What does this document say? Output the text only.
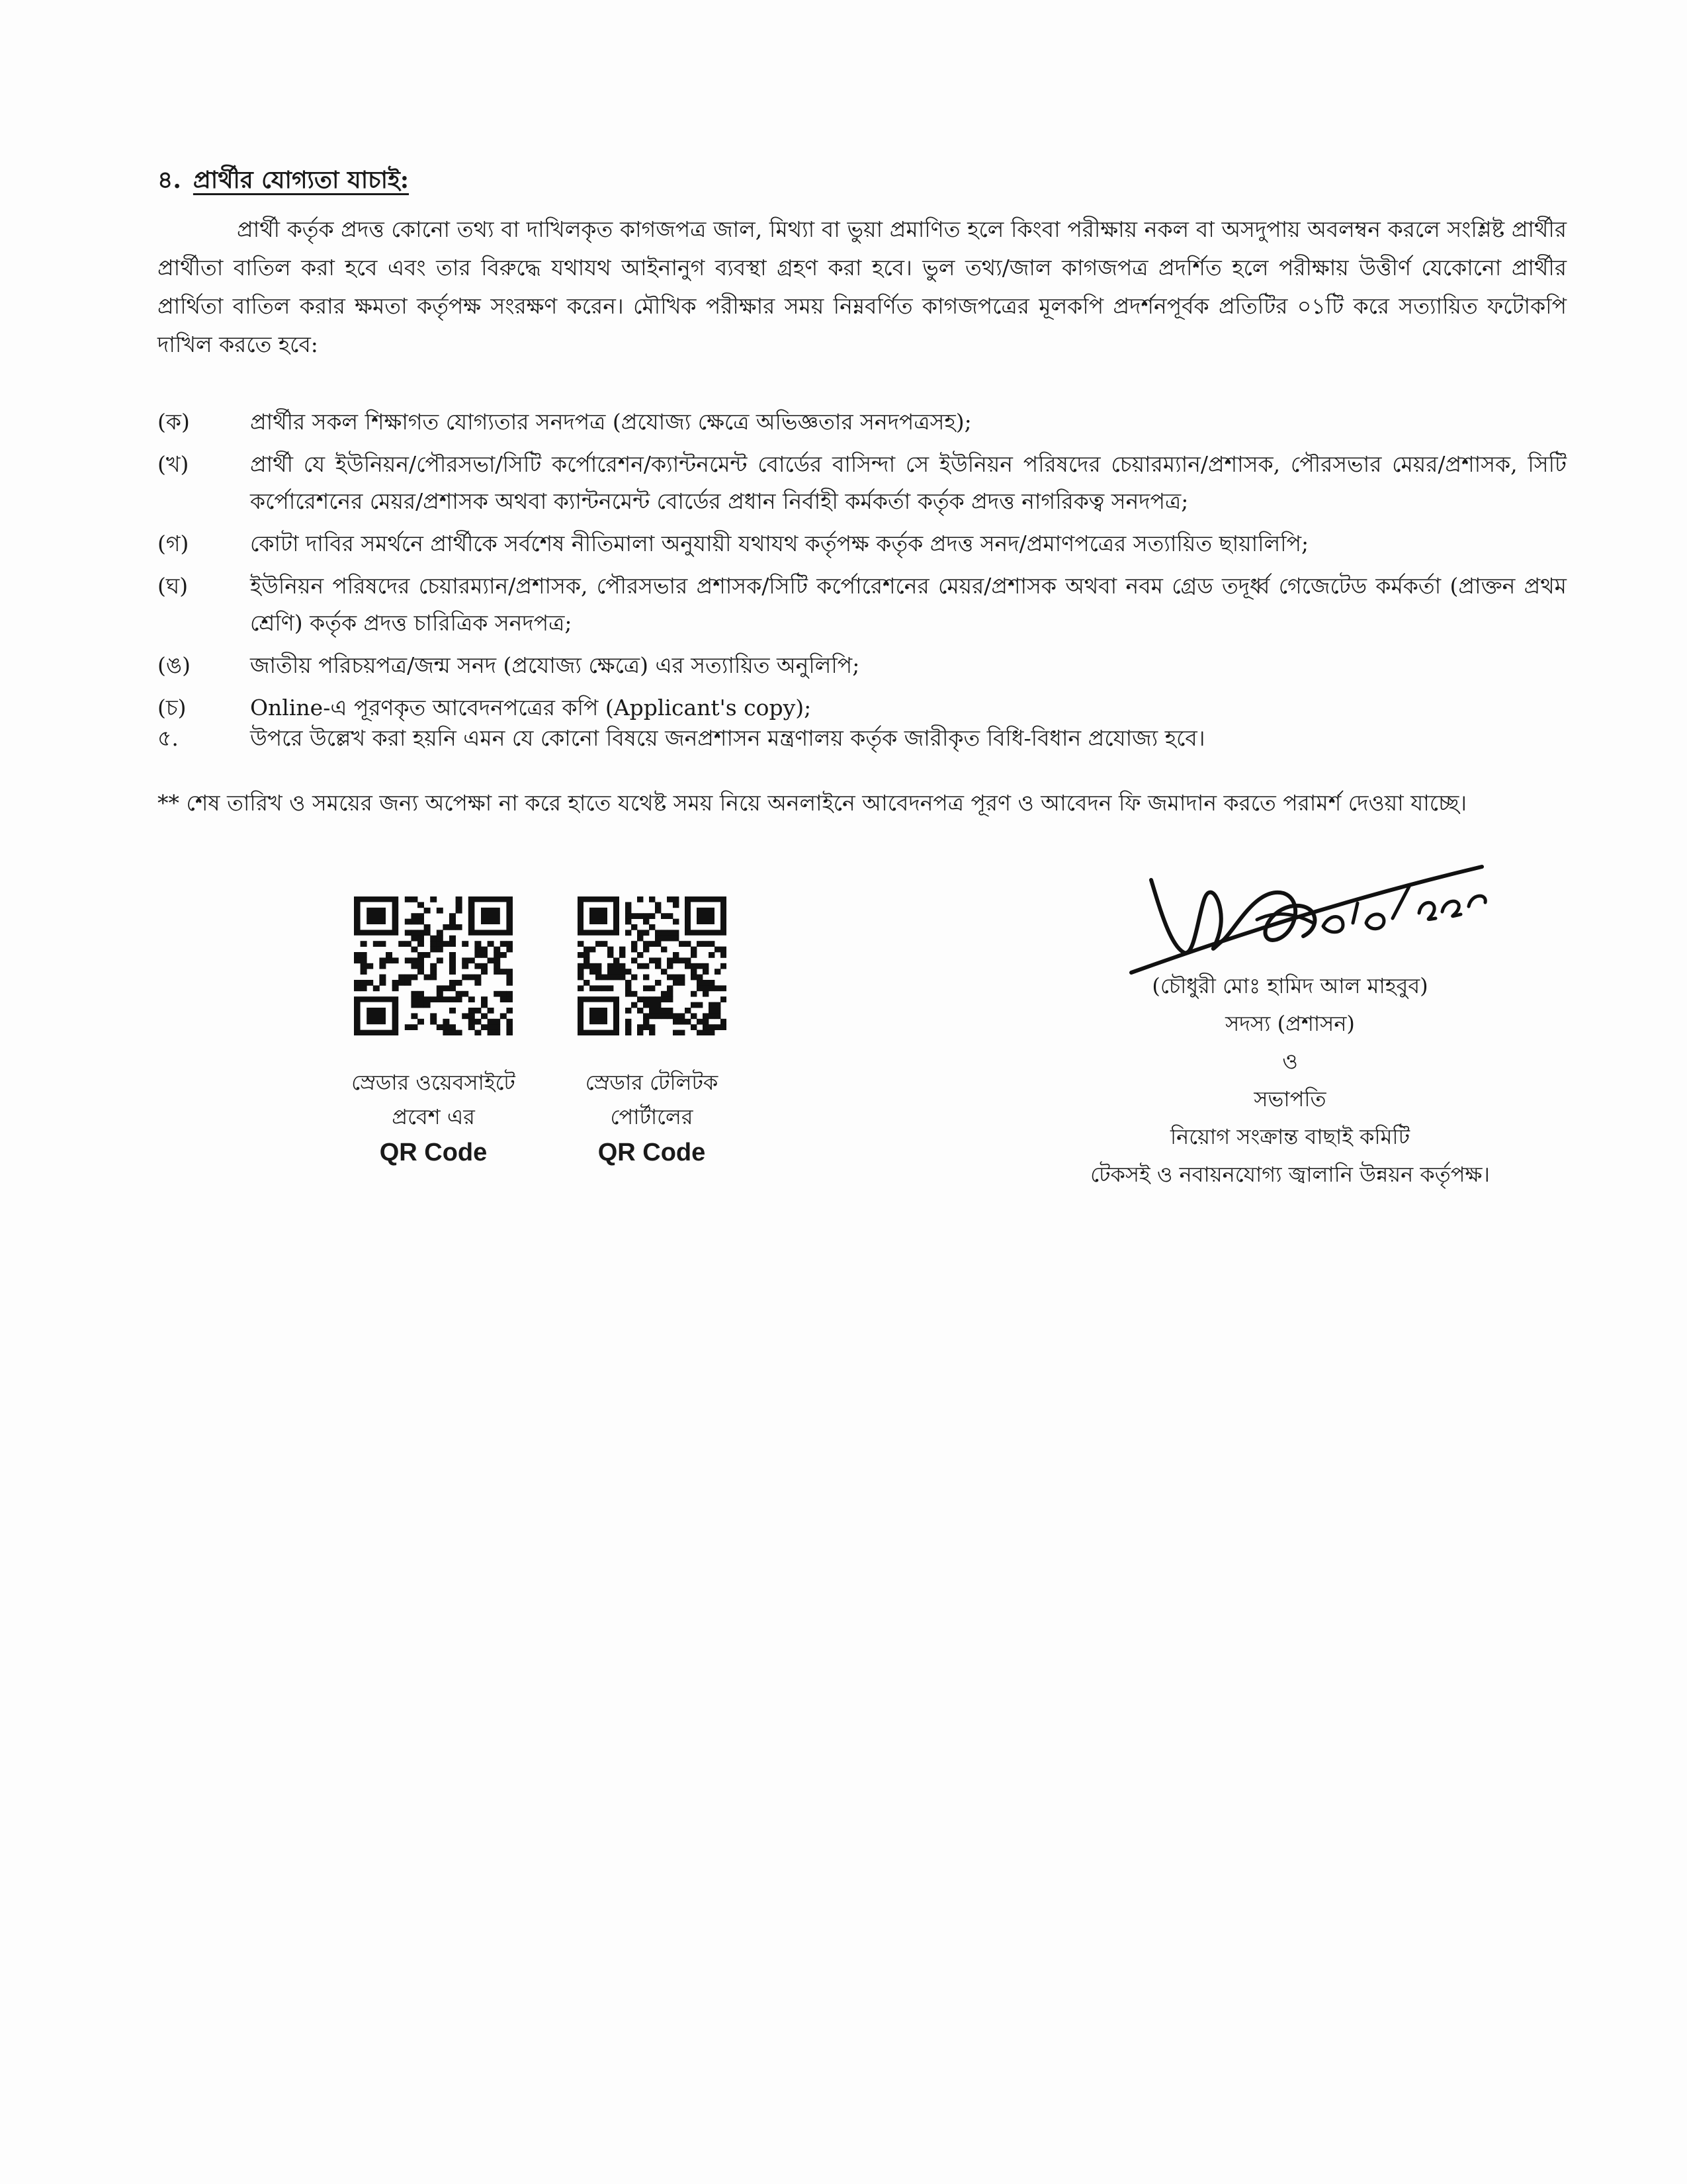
৪. প্রার্থীর যোগ্যতা যাচাই:
প্রার্থী কর্তৃক প্রদত্ত কোনো তথ্য বা দাখিলকৃত কাগজপত্র জাল, মিথ্যা বা ভুয়া প্রমাণিত হলে কিংবা পরীক্ষায় নকল বা অসদুপায় অবলম্বন করলে সংশ্লিষ্ট প্রার্থীর প্রার্থীতা বাতিল করা হবে এবং তার বিরুদ্ধে যথাযথ আইনানুগ ব্যবস্থা গ্রহণ করা হবে। ভুল তথ্য/জাল কাগজপত্র প্রদর্শিত হলে পরীক্ষায় উত্তীর্ণ যেকোনো প্রার্থীর প্রার্থিতা বাতিল করার ক্ষমতা কর্তৃপক্ষ সংরক্ষণ করেন। মৌখিক পরীক্ষার সময় নিম্নবর্ণিত কাগজপত্রের মূলকপি প্রদর্শনপূর্বক প্রতিটির ০১টি করে সত্যায়িত ফটোকপি দাখিল করতে হবে:
(ক)	প্রার্থীর সকল শিক্ষাগত যোগ্যতার সনদপত্র (প্রযোজ্য ক্ষেত্রে অভিজ্ঞতার সনদপত্রসহ);
(খ)	প্রার্থী যে ইউনিয়ন/পৌরসভা/সিটি কর্পোরেশন/ক্যান্টনমেন্ট বোর্ডের বাসিন্দা সে ইউনিয়ন পরিষদের চেয়ারম্যান/প্রশাসক, পৌরসভার মেয়র/প্রশাসক, সিটি কর্পোরেশনের মেয়র/প্রশাসক অথবা ক্যান্টনমেন্ট বোর্ডের প্রধান নির্বাহী কর্মকর্তা কর্তৃক প্রদত্ত নাগরিকত্ব সনদপত্র;
(গ)	কোটা দাবির সমর্থনে প্রার্থীকে সর্বশেষ নীতিমালা অনুযায়ী যথাযথ কর্তৃপক্ষ কর্তৃক প্রদত্ত সনদ/প্রমাণপত্রের সত্যায়িত ছায়ালিপি;
(ঘ)	ইউনিয়ন পরিষদের চেয়ারম্যান/প্রশাসক, পৌরসভার প্রশাসক/সিটি কর্পোরেশনের মেয়র/প্রশাসক অথবা নবম গ্রেড তদূর্ধ্ব গেজেটেড কর্মকর্তা (প্রাক্তন প্রথম শ্রেণি) কর্তৃক প্রদত্ত চারিত্রিক সনদপত্র;
(ঙ)	জাতীয় পরিচয়পত্র/জন্ম সনদ (প্রযোজ্য ক্ষেত্রে) এর সত্যায়িত অনুলিপি;
(চ)	Online-এ পূরণকৃত আবেদনপত্রের কপি (Applicant's copy);
৫.	উপরে উল্লেখ করা হয়নি এমন যে কোনো বিষয়ে জনপ্রশাসন মন্ত্রণালয় কর্তৃক জারীকৃত বিধি-বিধান প্রযোজ্য হবে।
** শেষ তারিখ ও সময়ের জন্য অপেক্ষা না করে হাতে যথেষ্ট সময় নিয়ে অনলাইনে আবেদনপত্র পূরণ ও আবেদন ফি জমাদান করতে পরামর্শ দেওয়া যাচ্ছে।
স্রেডার ওয়েবসাইটে
প্রবেশ এর
QR Code
স্রেডার টেলিটক
পোর্টালের
QR Code
(চৌধুরী মোঃ হামিদ আল মাহবুব)
সদস্য (প্রশাসন)
ও
সভাপতি
নিয়োগ সংক্রান্ত বাছাই কমিটি
টেকসই ও নবায়নযোগ্য জ্বালানি উন্নয়ন কর্তৃপক্ষ।
